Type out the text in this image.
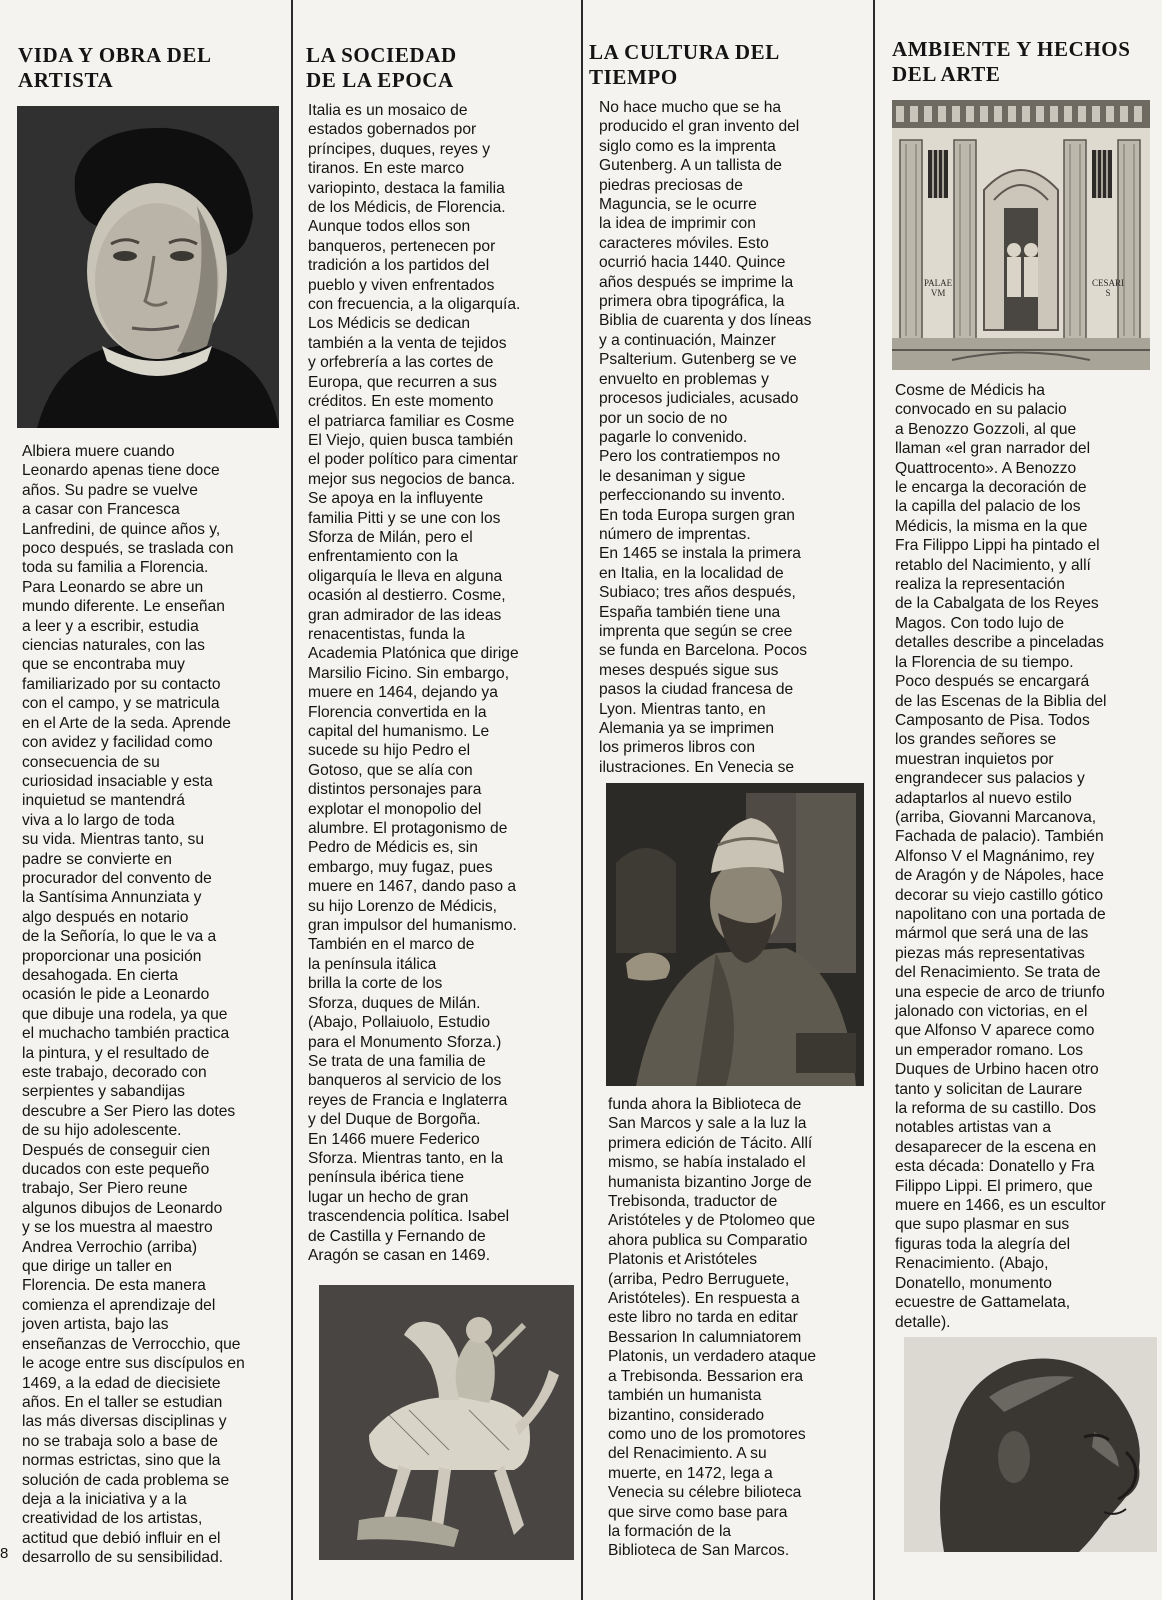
VIDA Y OBRA DEL
ARTISTA

Albiera muere cuando
Leonardo apenas tiene doce
años. Su padre se vuelve
a casar con Francesca
Lanfredini, de quince años y,
poco después, se traslada con
toda su familia a Florencia.
Para Leonardo se abre un
mundo diferente. Le enseñan
a leer y a escribir, estudia
ciencias naturales, con las
que se encontraba muy
familiarizado por su contacto
con el campo, y se matricula
en el Arte de la seda. Aprende
con avidez y facilidad como
consecuencia de su
curiosidad insaciable y esta
inquietud se mantendrá
viva a lo largo de toda
su vida. Mientras tanto, su
padre se convierte en
procurador del convento de
la Santísima Annunziata y
algo después en notario
de la Señoría, lo que le va a
proporcionar una posición
desahogada. En cierta
ocasión le pide a Leonardo
que dibuje una rodela, ya que
el muchacho también practica
la pintura, y el resultado de
este trabajo, decorado con
serpientes y sabandijas
descubre a Ser Piero las dotes
de su hijo adolescente.
Después de conseguir cien
ducados con este pequeño
trabajo, Ser Piero reune
algunos dibujos de Leonardo
y se los muestra al maestro
Andrea Verrochio (arriba)
que dirige un taller en
Florencia. De esta manera
comienza el aprendizaje del
joven artista, bajo las
enseñanzas de Verrocchio, que
le acoge entre sus discípulos en
1469, a la edad de diecisiete
años. En el taller se estudian
las más diversas disciplinas y
no se trabaja solo a base de
normas estrictas, sino que la
solución de cada problema se
deja a la iniciativa y a la
creatividad de los artistas,
actitud que debió influir en el
desarrollo de su sensibilidad.

8
LA SOCIEDAD
DE LA EPOCA

Italia es un mosaico de
estados gobernados por
príncipes, duques, reyes y
tiranos. En este marco
variopinto, destaca la familia
de los Médicis, de Florencia.
Aunque todos ellos son
banqueros, pertenecen por
tradición a los partidos del
pueblo y viven enfrentados
con frecuencia, a la oligarquía.
Los Médicis se dedican
también a la venta de tejidos
y orfebrería a las cortes de
Europa, que recurren a sus
créditos. En este momento
el patriarca familiar es Cosme
El Viejo, quien busca también
el poder político para cimentar
mejor sus negocios de banca.
Se apoya en la influyente
familia Pitti y se une con los
Sforza de Milán, pero el
enfrentamiento con la
oligarquía le lleva en alguna
ocasión al destierro. Cosme,
gran admirador de las ideas
renacentistas, funda la
Academia Platónica que dirige
Marsilio Ficino. Sin embargo,
muere en 1464, dejando ya
Florencia convertida en la
capital del humanismo. Le
sucede su hijo Pedro el
Gotoso, que se alía con
distintos personajes para
explotar el monopolio del
alumbre. El protagonismo de
Pedro de Médicis es, sin
embargo, muy fugaz, pues
muere en 1467, dando paso a
su hijo Lorenzo de Médicis,
gran impulsor del humanismo.
También en el marco de
la península itálica
brilla la corte de los
Sforza, duques de Milán.
(Abajo, Pollaiuolo, Estudio
para el Monumento Sforza.)
Se trata de una familia de
banqueros al servicio de los
reyes de Francia e Inglaterra
y del Duque de Borgoña.
En 1466 muere Federico
Sforza. Mientras tanto, en la
península ibérica tiene
lugar un hecho de gran
trascendencia política. Isabel
de Castilla y Fernando de
Aragón se casan en 1469.

LA CULTURA DEL
TIEMPO

No hace mucho que se ha
producido el gran invento del
siglo como es la imprenta
Gutenberg. A un tallista de
piedras preciosas de
Maguncia, se le ocurre
la idea de imprimir con
caracteres móviles. Esto
ocurrió hacia 1440. Quince
años después se imprime la
primera obra tipográfica, la
Biblia de cuarenta y dos líneas
y a continuación, Mainzer
Psalterium. Gutenberg se ve
envuelto en problemas y
procesos judiciales, acusado
por un socio de no
pagarle lo convenido.
Pero los contratiempos no
le desaniman y sigue
perfeccionando su invento.
En toda Europa surgen gran
número de imprentas.
En 1465 se instala la primera
en Italia, en la localidad de
Subiaco; tres años después,
España también tiene una
imprenta que según se cree
se funda en Barcelona. Pocos
meses después sigue sus
pasos la ciudad francesa de
Lyon. Mientras tanto, en
Alemania ya se imprimen
los primeros libros con
ilustraciones. En Venecia se

funda ahora la Biblioteca de
San Marcos y sale a la luz la
primera edición de Tácito. Allí
mismo, se había instalado el
humanista bizantino Jorge de
Trebisonda, traductor de
Aristóteles y de Ptolomeo que
ahora publica su Comparatio
Platonis et Aristóteles
(arriba, Pedro Berruguete,
Aristóteles). En respuesta a
este libro no tarda en editar
Bessarion In calumniatorem
Platonis, un verdadero ataque
a Trebisonda. Bessarion era
también un humanista
bizantino, considerado
como uno de los promotores
del Renacimiento. A su
muerte, en 1472, lega a
Venecia su célebre bilioteca
que sirve como base para
la formación de la
Biblioteca de San Marcos.

AMBIENTE Y HECHOS
DEL ARTE
PALAE
VM
CESARI
S

Cosme de Médicis ha
convocado en su palacio
a Benozzo Gozzoli, al que
llaman «el gran narrador del
Quattrocento». A Benozzo
le encarga la decoración de
la capilla del palacio de los
Médicis, la misma en la que
Fra Filippo Lippi ha pintado el
retablo del Nacimiento, y allí
realiza la representación
de la Cabalgata de los Reyes
Magos. Con todo lujo de
detalles describe a pinceladas
la Florencia de su tiempo.
Poco después se encargará
de las Escenas de la Biblia del
Camposanto de Pisa. Todos
los grandes señores se
muestran inquietos por
engrandecer sus palacios y
adaptarlos al nuevo estilo
(arriba, Giovanni Marcanova,
Fachada de palacio). También
Alfonso V el Magnánimo, rey
de Aragón y de Nápoles, hace
decorar su viejo castillo gótico
napolitano con una portada de
mármol que será una de las
piezas más representativas
del Renacimiento. Se trata de
una especie de arco de triunfo
jalonado con victorias, en el
que Alfonso V aparece como
un emperador romano. Los
Duques de Urbino hacen otro
tanto y solicitan de Laurare
la reforma de su castillo. Dos
notables artistas van a
desaparecer de la escena en
esta década: Donatello y Fra
Filippo Lippi. El primero, que
muere en 1466, es un escultor
que supo plasmar en sus
figuras toda la alegría del
Renacimiento. (Abajo,
Donatello, monumento
ecuestre de Gattamelata,
detalle).
